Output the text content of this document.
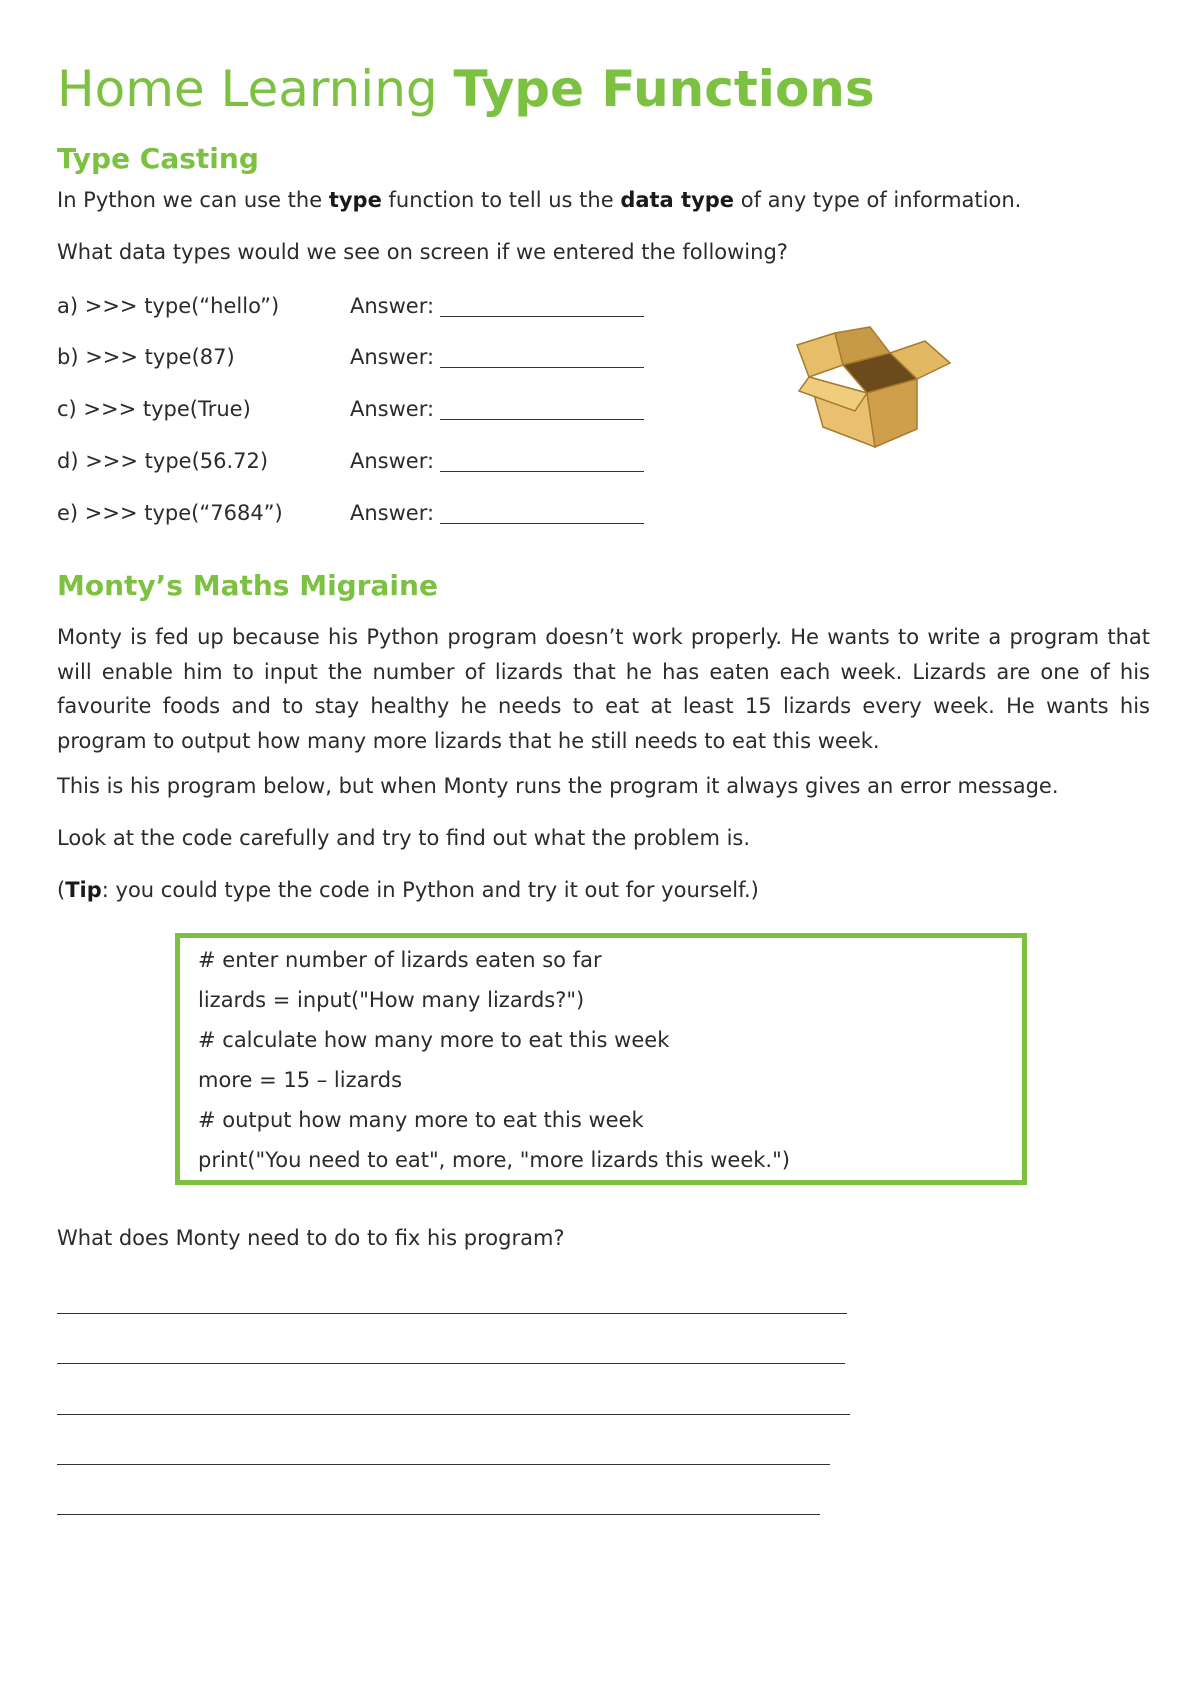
Home Learning Type Functions
Type Casting

In Python we can use the type function to tell us the data type of any type of information.

What data types would we see on screen if we entered the following?

a) >>> type(“hello”)	Answer:
b) >>> type(87)	Answer:
c) >>> type(True)	Answer:
d) >>> type(56.72)	Answer:
e) >>> type(“7684”)	Answer:
Monty’s Maths Migraine

Monty is fed up because his Python program doesn’t work properly. He wants to write a program that will enable him to input the number of lizards that he has eaten each week. Lizards are one of his favourite foods and to stay healthy he needs to eat at least 15 lizards every week. He wants his program to output how many more lizards that he still needs to eat this week.

This is his program below, but when Monty runs the program it always gives an error message.

Look at the code carefully and try to find out what the problem is.

(Tip: you could type the code in Python and try it out for yourself.)

# enter number of lizards eaten so far
lizards = input("How many lizards?")
# calculate how many more to eat this week
more = 15 – lizards
# output how many more to eat this week
print("You need to eat", more, "more lizards this week.")

What does Monty need to do to fix his program?
